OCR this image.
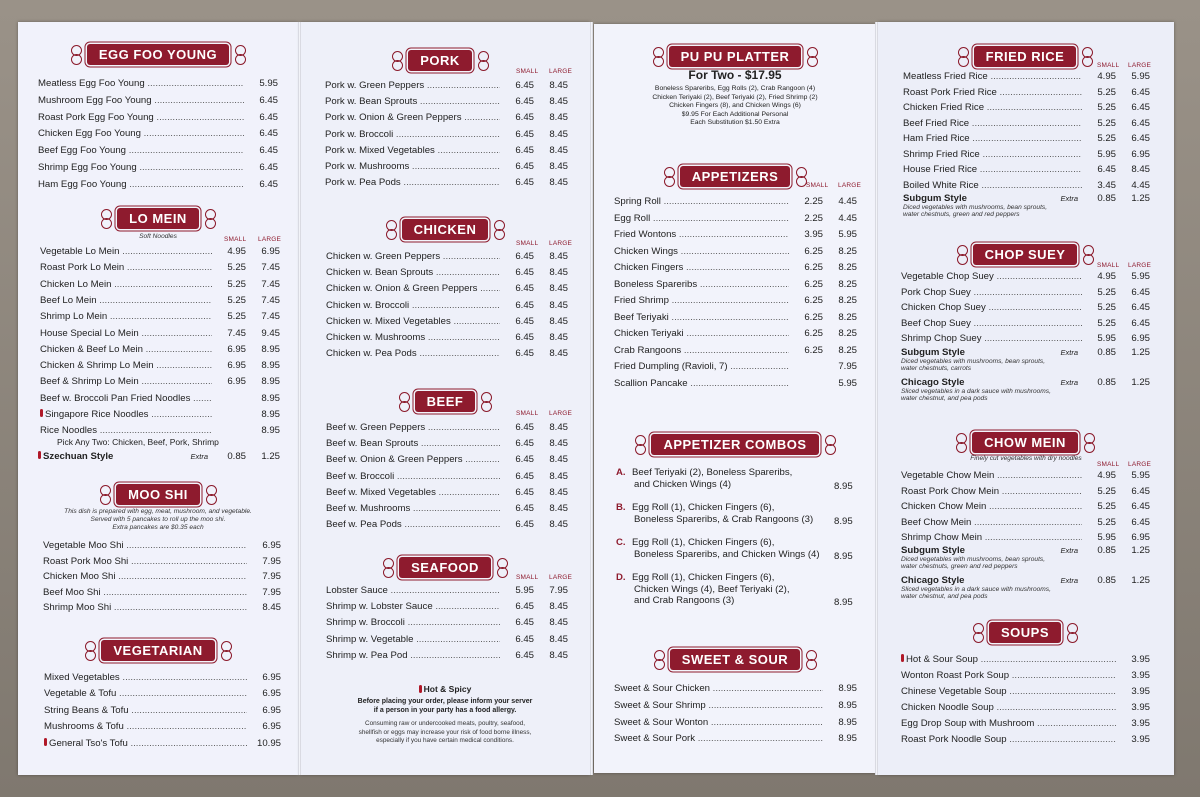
EGG FOO YOUNG
Meatless Egg Foo Young .....	5.95
Mushroom Egg Foo Young .....	6.45
Roast Pork Egg Foo Young .....	6.45
Chicken Egg Foo Young .....	6.45
Beef Egg Foo Young .....	6.45
Shrimp Egg Foo Young .....	6.45
Ham Egg Foo Young .....	6.45
LO MEIN
SMALL LARGE
Vegetable Lo Mein .....	4.95	6.95
Roast Pork Lo Mein .....	5.25	7.45
Chicken Lo Mein .....	5.25	7.45
Beef Lo Mein .....	5.25	7.45
Shrimp Lo Mein .....	5.25	7.45
House Special Lo Mein .....	7.45	9.45
Chicken & Beef Lo Mein .....	6.95	8.95
Chicken & Shrimp Lo Mein .....	6.95	8.95
Beef & Shrimp Lo Mein .....	6.95	8.95
Beef w. Broccoli Pan Fried Noodles .....	8.95
Singapore Rice Noodles .....	8.95
Rice Noodles .....	8.95
Szechuan Style	Extra	0.85	1.25
MOO SHI
Vegetable Moo Shi .....	6.95
Roast Pork Moo Shi .....	7.95
Chicken Moo Shi .....	7.95
Beef Moo Shi .....	7.95
Shrimp Moo Shi .....	8.45
VEGETARIAN
Mixed Vegetables .....	6.95
Vegetable & Tofu .....	6.95
String Beans & Tofu .....	6.95
Mushrooms & Tofu .....	6.95
General Tso's Tofu .....	10.95
PORK
SMALL LARGE
Pork w. Green Peppers .....	6.45	8.45
Pork w. Bean Sprouts .....	6.45	8.45
Pork w. Onion & Green Peppers .....	6.45	8.45
Pork w. Broccoli .....	6.45	8.45
Pork w. Mixed Vegetables .....	6.45	8.45
Pork w. Mushrooms .....	6.45	8.45
Pork w. Pea Pods .....	6.45	8.45
CHICKEN
SMALL LARGE
Chicken w. Green Peppers .....	6.45	8.45
Chicken w. Bean Sprouts .....	6.45	8.45
Chicken w. Onion & Green Peppers .....	6.45	8.45
Chicken w. Broccoli .....	6.45	8.45
Chicken w. Mixed Vegetables .....	6.45	8.45
Chicken w. Mushrooms .....	6.45	8.45
Chicken w. Pea Pods .....	6.45	8.45
BEEF
SMALL LARGE
Beef w. Green Peppers .....	6.45	8.45
Beef w. Bean Sprouts .....	6.45	8.45
Beef w. Onion & Green Peppers .....	6.45	8.45
Beef w. Broccoli .....	6.45	8.45
Beef w. Mixed Vegetables .....	6.45	8.45
Beef w. Mushrooms .....	6.45	8.45
Beef w. Pea Pods .....	6.45	8.45
SEAFOOD
SMALL LARGE
Lobster Sauce .....	5.95	7.95
Shrimp w. Lobster Sauce .....	6.45	8.45
Shrimp w. Broccoli .....	6.45	8.45
Shrimp w. Vegetable .....	6.45	8.45
Shrimp w. Pea Pod .....	6.45	8.45
PU PU PLATTER
APPETIZERS
SMALL LARGE
Spring Roll .....	2.25	4.45
Egg Roll .....	2.25	4.45
Fried Wontons .....	3.95	5.95
Chicken Wings .....	6.25	8.25
Chicken Fingers .....	6.25	8.25
Boneless Spareribs .....	6.25	8.25
Fried Shrimp .....	6.25	8.25
Beef Teriyaki .....	6.25	8.25
Chicken Teriyaki .....	6.25	8.25
Crab Rangoons .....	6.25	8.25
Fried Dumpling (Ravioli, 7) .....	7.95
Scallion Pancake .....	5.95
APPETIZER COMBOS
A. Beef Teriyaki (2), Boneless Spareribs,
and Chicken Wings (4)	8.95
B. Egg Roll (1), Chicken Fingers (6),
Boneless Spareribs, & Crab Rangoons (3) 8.95
C. Egg Roll (1), Chicken Fingers (6),
Boneless Spareribs, and Chicken Wings (4) 8.95
D. Egg Roll (1), Chicken Fingers (6),
Chicken Wings (4), Beef Teriyaki (2),
and Crab Rangoons (3)	8.95
SWEET & SOUR
Sweet & Sour Chicken .....	8.95
Sweet & Sour Shrimp .....	8.95
Sweet & Sour Wonton .....	8.95
Sweet & Sour Pork .....	8.95
FRIED RICE
SMALL LARGE
Meatless Fried Rice .....	4.95	5.95
Roast Pork Fried Rice .....	5.25	6.45
Chicken Fried Rice .....	5.25	6.45
Beef Fried Rice .....	5.25	6.45
Ham Fried Rice .....	5.25	6.45
Shrimp Fried Rice .....	5.95	6.95
House Fried Rice .....	6.45	8.45
Boiled White Rice .....	3.45	4.45
Subgum Style	Extra	0.85	1.25
Diced vegetables with mushrooms, bean sprouts,
water chestnuts, green and red peppers
CHOP SUEY
SMALL LARGE
Vegetable Chop Suey .....	4.95	5.95
Pork Chop Suey .....	5.25	6.45
Chicken Chop Suey .....	5.25	6.45
Beef Chop Suey .....	5.25	6.45
Shrimp Chop Suey .....	5.95	6.95
Subgum Style	Extra	0.85	1.25
Diced vegetables with mushrooms, bean sprouts,
water chestnuts, carrots
Chicago Style	Extra	0.85	1.25
Sliced vegetables in a dark sauce with mushrooms,
water chestnut, and pea pods
CHOW MEIN
SMALL LARGE
Vegetable Chow Mein .....	4.95	5.95
Roast Pork Chow Mein .....	5.25	6.45
Chicken Chow Mein .....	5.25	6.45
Beef Chow Mein .....	5.25	6.45
Shrimp Chow Mein .....	5.95	6.95
Subgum Style	Extra	0.85	1.25
Diced vegetables with mushrooms, bean sprouts,
water chestnuts, green and red peppers
Chicago Style	Extra	0.85	1.25
Sliced vegetables in a dark sauce with mushrooms,
water chestnut, and pea pods
SOUPS
Hot & Sour Soup .....	3.95
Wonton Roast Pork Soup .....	3.95
Chinese Vegetable Soup .....	3.95
Chicken Noodle Soup .....	3.95
Egg Drop Soup with Mushroom .....	3.95
Roast Pork Noodle Soup .....	3.95
Hot & Spicy
Before placing your order, please inform your server
if a person in your party has a food allergy.
Consuming raw or undercooked meats, poultry, seafood,
shellfish or eggs may increase your risk of food borne illness,
especially if you have certain medical conditions.
For Two - $17.95
Boneless Spareribs, Egg Rolls (2), Crab Rangoon (4)
Chicken Teriyaki (2), Beef Teriyaki (2), Fried Shrimp (2)
Chicken Fingers (8), and Chicken Wings (6)
$9.95 For Each Additional Personal
Each Substitution $1.50 Extra
Soft Noodles
Pick Any Two: Chicken, Beef, Pork, Shrimp
This dish is prepared with egg, meat, mushroom, and vegetable.
Served with 5 pancakes to roll up the moo shi.
Extra pancakes are $0.35 each
Finely cut vegetables with dry noodles
